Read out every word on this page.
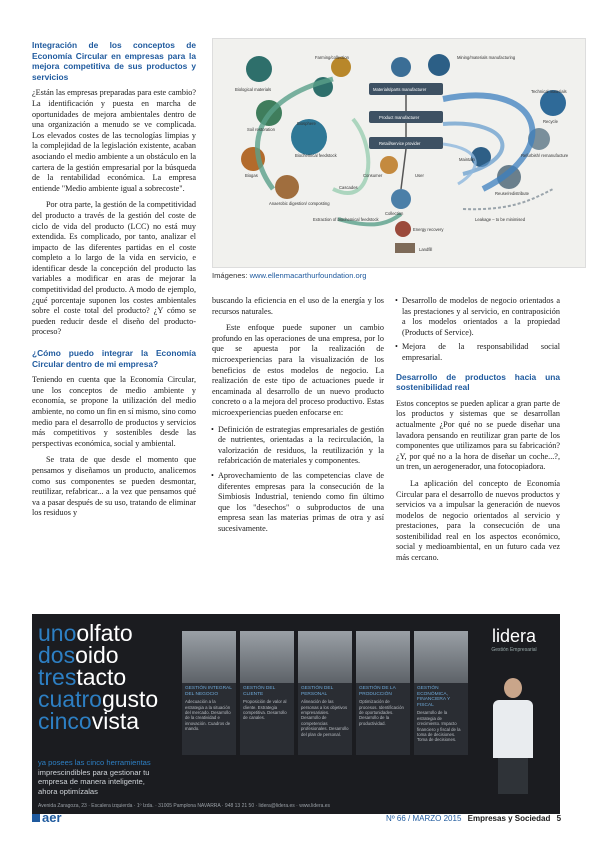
Integración de los conceptos de Economía Circular en empresas para la mejora competitiva de sus productos y servicios

¿Están las empresas preparadas para este cambio? La identificación y puesta en marcha de oportunidades de mejora ambientales dentro de una organización a menudo se ve complicada. Los elevados costes de las tecnologías limpias y la complejidad de la legislación existente, acaban asociando el medio ambiente a un obstáculo en la cartera de la gestión empresarial por la búsqueda de la rentabilidad económica. La empresa entiende "Medio ambiente igual a sobrecoste".

Por otra parte, la gestión de la competitividad del producto a través de la gestión del coste de ciclo de vida del producto (LCC) no está muy extendida. Es complicado, por tanto, analizar el impacto de las diferentes partidas en el coste completo a lo largo de la vida en servicio, e identificar desde la concepción del producto las variables a modificar en aras de mejorar la competitividad del producto. A modo de ejemplo, ¿qué porcentaje suponen los costes ambientales sobre el coste total del producto? ¿Y cómo se pueden reducir desde el diseño del producto-proceso?

¿Cómo puedo integrar la Economía Circular dentro de mi empresa?

Teniendo en cuenta que la Economía Circular, une los conceptos de medio ambiente y economía, se propone la utilización del medio ambiente, no como un fin en sí mismo, sino como medio para el desarrollo de productos y servicios más competitivos y sostenibles desde las perspectivas económica, social y ambiental.

Se trata de que desde el momento que pensamos y diseñamos un producto, analicemos como sus componentes se pueden desmontar, reutilizar, refabricar... a la vez que pensamos qué va a pasar después de su uso, tratando de eliminar los residuos y

Farming/collection
Biochemical feedstock
Biological materials
Mining/materials manufacturing
Technical materials
Materials/parts manufacturer
Product manufacturer
Retail/service provider
Consumer	User
Biosphere
Soil restoration
Biogas
Anaerobic digestion/ composting
Extraction of biochemical feedstock
Cascades
Collection
Energy recovery
Landfill
Maintain
Reuse/redistribute
Refurbish/ remanufacture
Recycle
Leakage – to be minimised
Imágenes: www.ellenmacarthurfoundation.org

buscando la eficiencia en el uso de la energía y los recursos naturales.

Este enfoque puede suponer un cambio profundo en las operaciones de una empresa, por lo que se apuesta por la realización de microexperiencias para la visualización de los beneficios de estos modelos de negocio. La realización de este tipo de actuaciones puede ir encaminada al desarrollo de un nuevo producto concreto o a la mejora del proceso productivo. Estas microexperiencias pueden enfocarse en:

• Definición de estrategias empresariales de gestión de nutrientes, orientadas a la recirculación, la valorización de residuos, la reutilización y la refabricación de materiales y componentes.
• Aprovechamiento de las competencias clave de diferentes empresas para la consecución de la Simbiosis Industrial, teniendo como fin último que los "desechos" o subproductos de una empresa sean las materias primas de otra y así sucesivamente.
• Desarrollo de modelos de negocio orientados a las prestaciones y al servicio, en contraposición a los modelos orientados a la propiedad (Products of Service).
• Mejora de la responsabilidad social empresarial.

Desarrollo de productos hacia una sostenibilidad real

Estos conceptos se pueden aplicar a gran parte de los productos y sistemas que se desarrollan actualmente ¿Por qué no se puede diseñar una lavadora pensando en reutilizar gran parte de los componentes que utilizamos para su fabricación? ¿Y, por qué no a la hora de diseñar un coche...?, un tren, un aerogenerador, una fotocopiadora.

La aplicación del concepto de Economía Circular para el desarrollo de nuevos productos y servicios va a impulsar la generación de nuevos modelos de negocio orientados al servicio y prestaciones, para la consecución de una sostenibilidad real en los aspectos económico, social y medioambiental, en un futuro cada vez más cercano.

unoolfato
dosoido
trestacto
cuatrogusto
cincovista
ya posees las cinco herramientas
imprescindibles para gestionar tu
empresa de manera inteligente,
ahora optimízalas
GESTIÓN INTEGRAL DEL NEGOCIO
Adecuación a la estrategia a la situación del mercado. Desarrollo de la creatividad e innovación. Cuadros de mando.
GESTIÓN DEL CLIENTE
Proposición de valor al cliente. Estrategia competitiva. Desarrollo de canales.
GESTIÓN DEL PERSONAL
Alineación de las personas a los objetivos empresariales. Desarrollo de competencias profesionales. Desarrollo del plan de personal.
GESTIÓN DE LA PRODUCCIÓN
Optimización de procesos. Identificación de oportunidades. Desarrollo de la productividad.
GESTIÓN ECONÓMICA, FINANCIERA Y FISCAL
Desarrollo de la estrategia de crecimiento. Impacto financiero y fiscal de la toma de decisiones. Toma de decisiones.
lidera
Gestión Empresarial
Avenida Zaragoza, 23 · Escalera izquierda · 1º Izda. · 31005 Pamplona NAVARRA · 948 13 21 50 · lidera@lidera.es · www.lidera.es
aer	Nº 66 / MARZO 2015 Empresas y Sociedad 5
